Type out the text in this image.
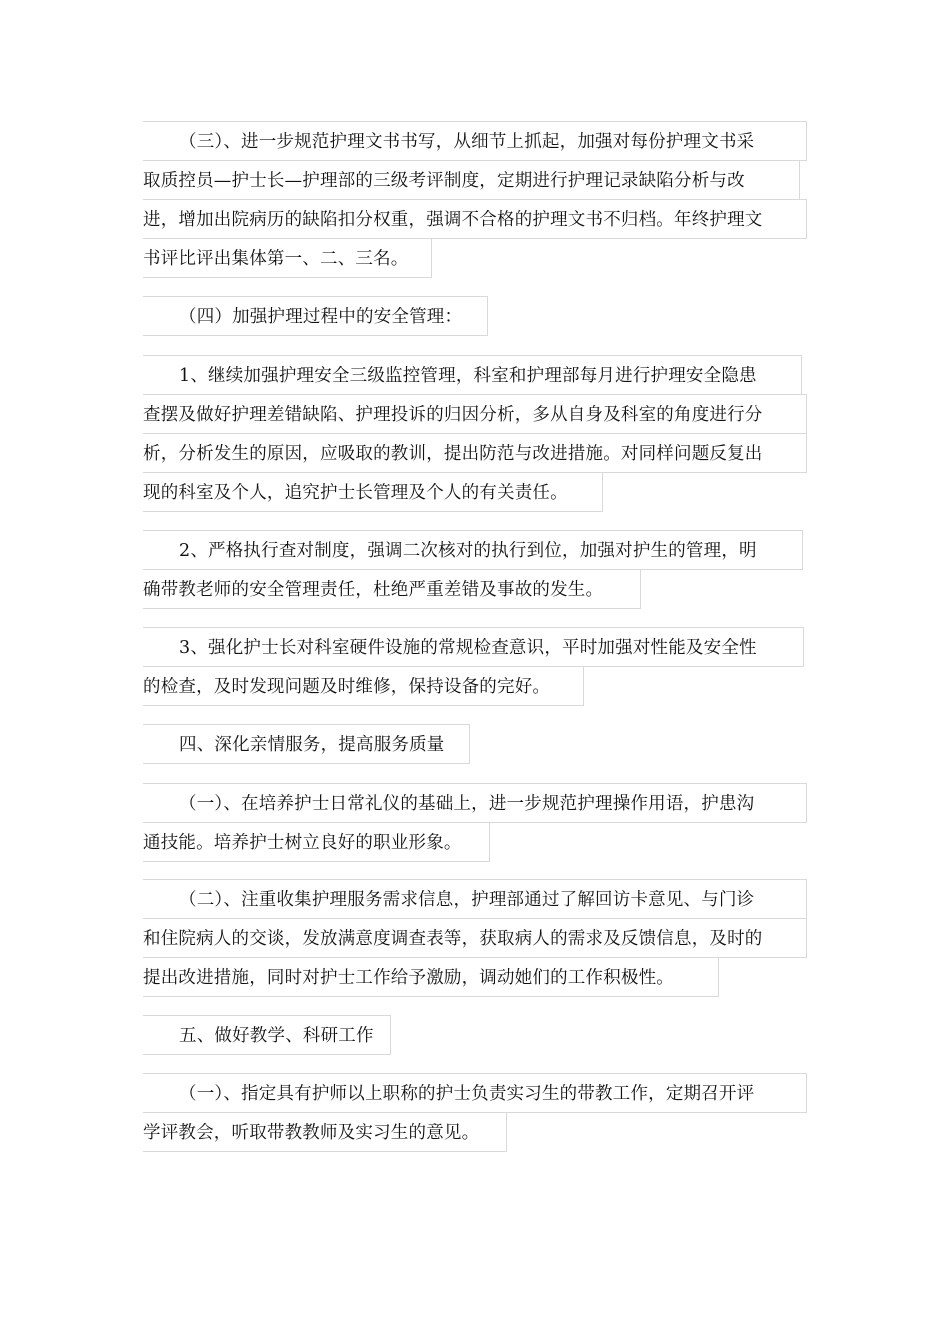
（三）、进一步规范护理文书书写，从细节上抓起，加强对每份护理文书采
取质控员—护士长—护理部的三级考评制度，定期进行护理记录缺陷分析与改
进，增加出院病历的缺陷扣分权重，强调不合格的护理文书不归档。年终护理文
书评比评出集体第一、二、三名。
（四）加强护理过程中的安全管理：
1、继续加强护理安全三级监控管理，科室和护理部每月进行护理安全隐患
查摆及做好护理差错缺陷、护理投诉的归因分析，多从自身及科室的角度进行分
析，分析发生的原因，应吸取的教训，提出防范与改进措施。对同样问题反复出
现的科室及个人，追究护士长管理及个人的有关责任。
2、严格执行查对制度，强调二次核对的执行到位，加强对护生的管理，明
确带教老师的安全管理责任，杜绝严重差错及事故的发生。
3、强化护士长对科室硬件设施的常规检查意识，平时加强对性能及安全性
的检查，及时发现问题及时维修，保持设备的完好。
四、深化亲情服务，提高服务质量
（一）、在培养护士日常礼仪的基础上，进一步规范护理操作用语，护患沟
通技能。培养护士树立良好的职业形象。
（二）、注重收集护理服务需求信息，护理部通过了解回访卡意见、与门诊
和住院病人的交谈，发放满意度调查表等，获取病人的需求及反馈信息，及时的
提出改进措施，同时对护士工作给予激励，调动她们的工作积极性。
五、做好教学、科研工作
（一）、指定具有护师以上职称的护士负责实习生的带教工作，定期召开评
学评教会，听取带教教师及实习生的意见。
